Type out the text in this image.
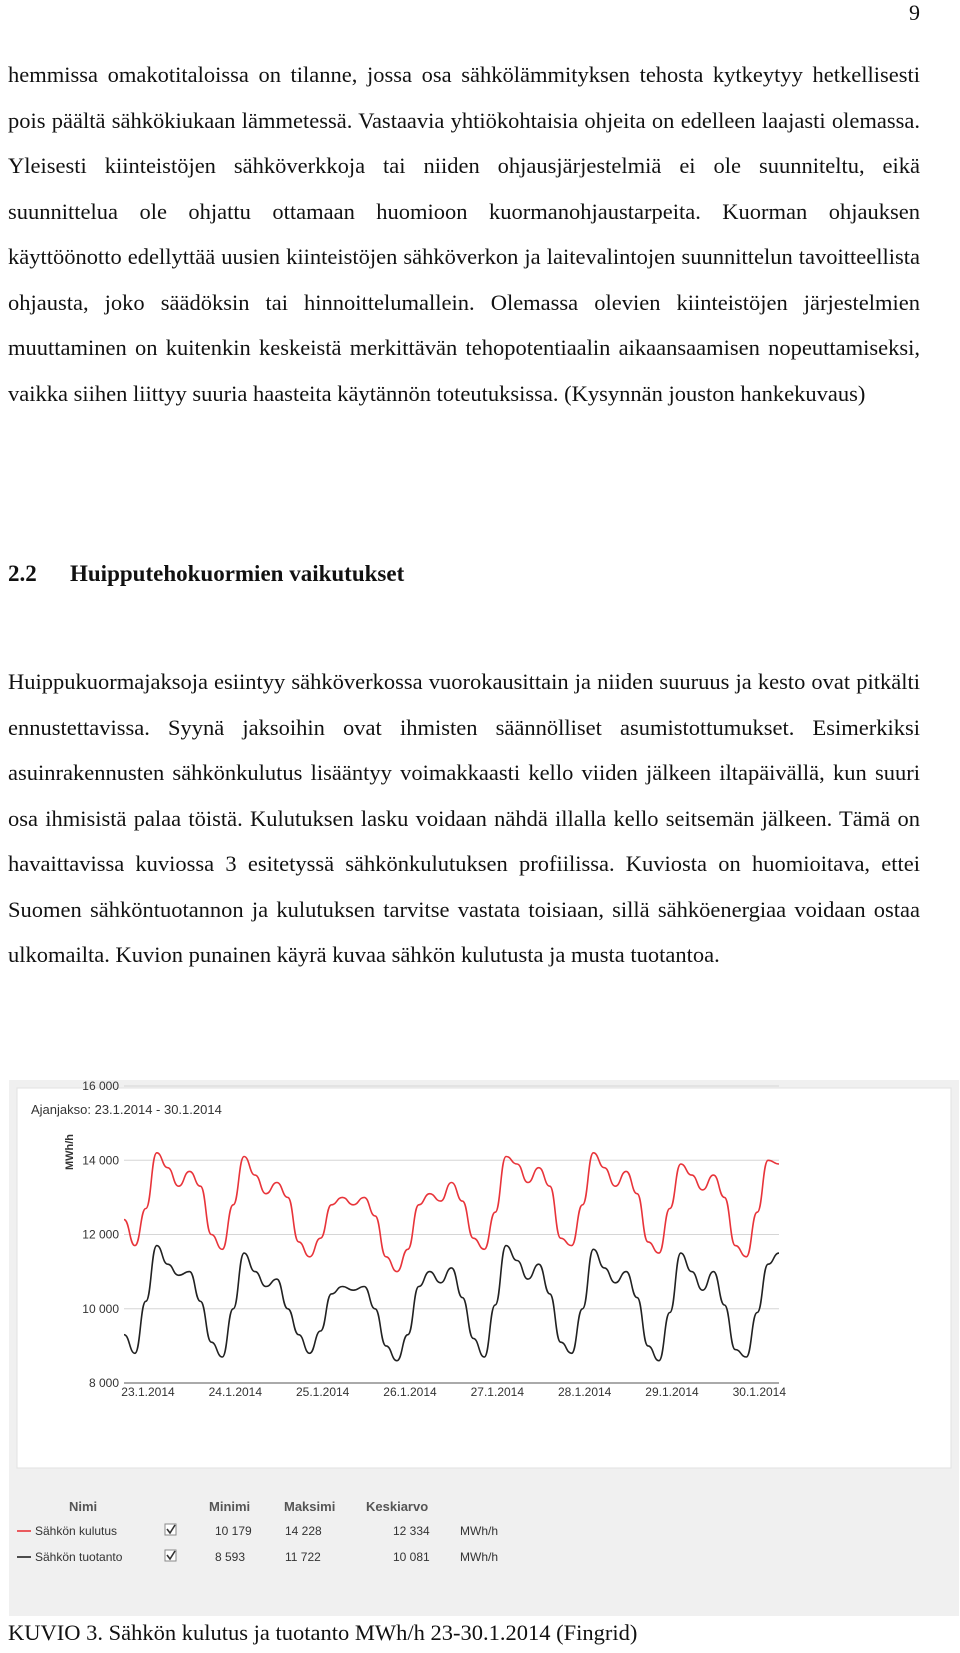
9

hemmissa omakotitaloissa on tilanne, jossa osa sähkölämmityksen tehosta kytkeytyy hetkellisesti pois päältä sähkökiukaan lämmetessä. Vastaavia yhtiökohtaisia ohjeita on edelleen laajasti olemassa. Yleisesti kiinteistöjen sähköverkkoja tai niiden ohjausjärjestelmiä ei ole suunniteltu, eikä suunnittelua ole ohjattu ottamaan huomioon kuormanohjaustarpeita. Kuorman ohjauksen käyttöönotto edellyttää uusien kiinteistöjen sähköverkon ja laitevalintojen suunnittelun tavoitteellista ohjausta, joko säädöksin tai hinnoittelumallein. Olemassa olevien kiinteistöjen järjestelmien muuttaminen on kuitenkin keskeistä merkittävän tehopotentiaalin aikaansaamisen nopeuttamiseksi, vaikka siihen liittyy suuria haasteita käytännön toteutuksissa. (Kysynnän jouston hankekuvaus)

2.2 Huipputehokuormien vaikutukset

Huippukuormajaksoja esiintyy sähköverkossa vuorokausittain ja niiden suuruus ja kesto ovat pitkälti ennustettavissa. Syynä jaksoihin ovat ihmisten säännölliset asumistottumukset. Esimerkiksi asuinrakennusten sähkönkulutus lisääntyy voimakkaasti kello viiden jälkeen iltapäivällä, kun suuri osa ihmisistä palaa töistä. Kulutuksen lasku voidaan nähdä illalla kello seitsemän jälkeen. Tämä on havaittavissa kuviossa 3 esitetyssä sähkönkulutuksen profiilissa. Kuviosta on huomioitava, ettei Suomen sähköntuotannon ja kulutuksen tarvitse vastata toisiaan, sillä sähköenergiaa voidaan ostaa ulkomailta. Kuvion punainen käyrä kuvaa sähkön kulutusta ja musta tuotantoa.

Ajanjakso: 23.1.2014 - 30.1.2014
MWh/h
8 000
10 000
12 000
14 000
16 000
23.1.2014	24.1.2014	25.1.2014	26.1.2014	27.1.2014	28.1.2014	29.1.2014	30.1.2014
Nimi	Minimi	Maksimi Keskiarvo
Sähkön kulutus	10 179	14 228	12 334	MWh/h
Sähkön tuotanto	8 593	11 722	10 081	MWh/h

KUVIO 3. Sähkön kulutus ja tuotanto MWh/h 23-30.1.2014 (Fingrid)
